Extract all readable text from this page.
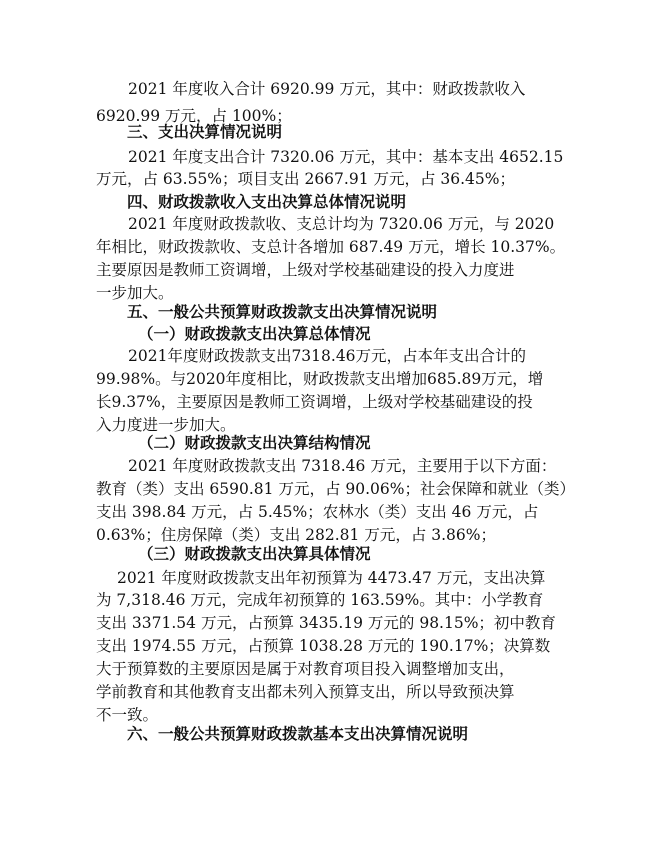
2021 年度收入合计 6920.99 万元，其中：财政拨款收入
6920.99 万元，占 100%；
三、支出决算情况说明
2021 年度支出合计 7320.06 万元，其中：基本支出 4652.15
万元，占 63.55%；项目支出 2667.91 万元，占 36.45%；
四、财政拨款收入支出决算总体情况说明
2021 年度财政拨款收、支总计均为 7320.06 万元，与 2020
年相比，财政拨款收、支总计各增加 687.49 万元，增长 10.37%。
主要原因是教师工资调增，上级对学校基础建设的投入力度进
一步加大。
五、一般公共预算财政拨款支出决算情况说明
（一）财政拨款支出决算总体情况
2021年度财政拨款支出7318.46万元，占本年支出合计的
99.98%。与2020年度相比，财政拨款支出增加685.89万元，增
长9.37%，主要原因是教师工资调增，上级对学校基础建设的投
入力度进一步加大。
（二）财政拨款支出决算结构情况
2021 年度财政拨款支出 7318.46 万元，主要用于以下方面：
教育（类）支出 6590.81 万元，占 90.06%；社会保障和就业（类）
支出 398.84 万元，占 5.45%；农林水（类）支出 46 万元，占
0.63%；住房保障（类）支出 282.81 万元，占 3.86%；
（三）财政拨款支出决算具体情况
2021 年度财政拨款支出年初预算为 4473.47 万元，支出决算
为 7,318.46 万元，完成年初预算的 163.59%。其中：小学教育
支出 3371.54 万元，占预算 3435.19 万元的 98.15%；初中教育
支出 1974.55 万元，占预算 1038.28 万元的 190.17%；决算数
大于预算数的主要原因是属于对教育项目投入调整增加支出，
学前教育和其他教育支出都未列入预算支出，所以导致预决算
不一致。
六、一般公共预算财政拨款基本支出决算情况说明
